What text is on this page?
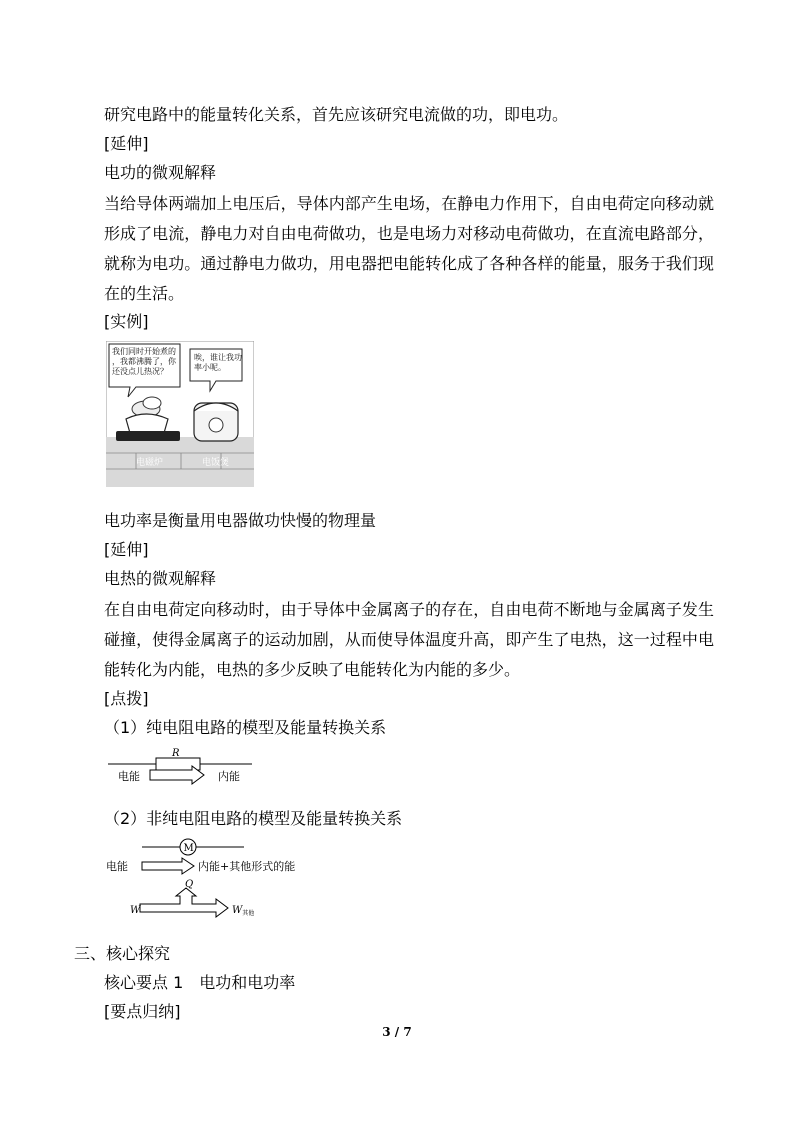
研究电路中的能量转化关系，首先应该研究电流做的功，即电功。
[延伸]
电功的微观解释
当给导体两端加上电压后，导体内部产生电场，在静电力作用下，自由电荷定向移动就形成了电流，静电力对自由电荷做功，也是电场力对移动电荷做功，在直流电路部分，就称为电功。通过静电力做功，用电器把电能转化成了各种各样的能量，服务于我们现在的生活。
[实例]
电磁炉	电饭煲
我们同时开始煮的，我都沸腾了，你还没点儿热况？
唉，谁让我功率小呢。
电功率是衡量用电器做功快慢的物理量
[延伸]
电热的微观解释
在自由电荷定向移动时，由于导体中金属离子的存在，自由电荷不断地与金属离子发生碰撞，使得金属离子的运动加剧，从而使导体温度升高，即产生了电热，这一过程中电能转化为内能，电热的多少反映了电能转化为内能的多少。
[点拨]
（1）纯电阻电路的模型及能量转换关系
R
电能	内能
（2）非纯电阻电路的模型及能量转换关系
M
电能	内能+其他形式的能
Q
W	$W_{其他}$
三、核心探究
核心要点 1　电功和电功率
[要点归纳]
3 / 7
